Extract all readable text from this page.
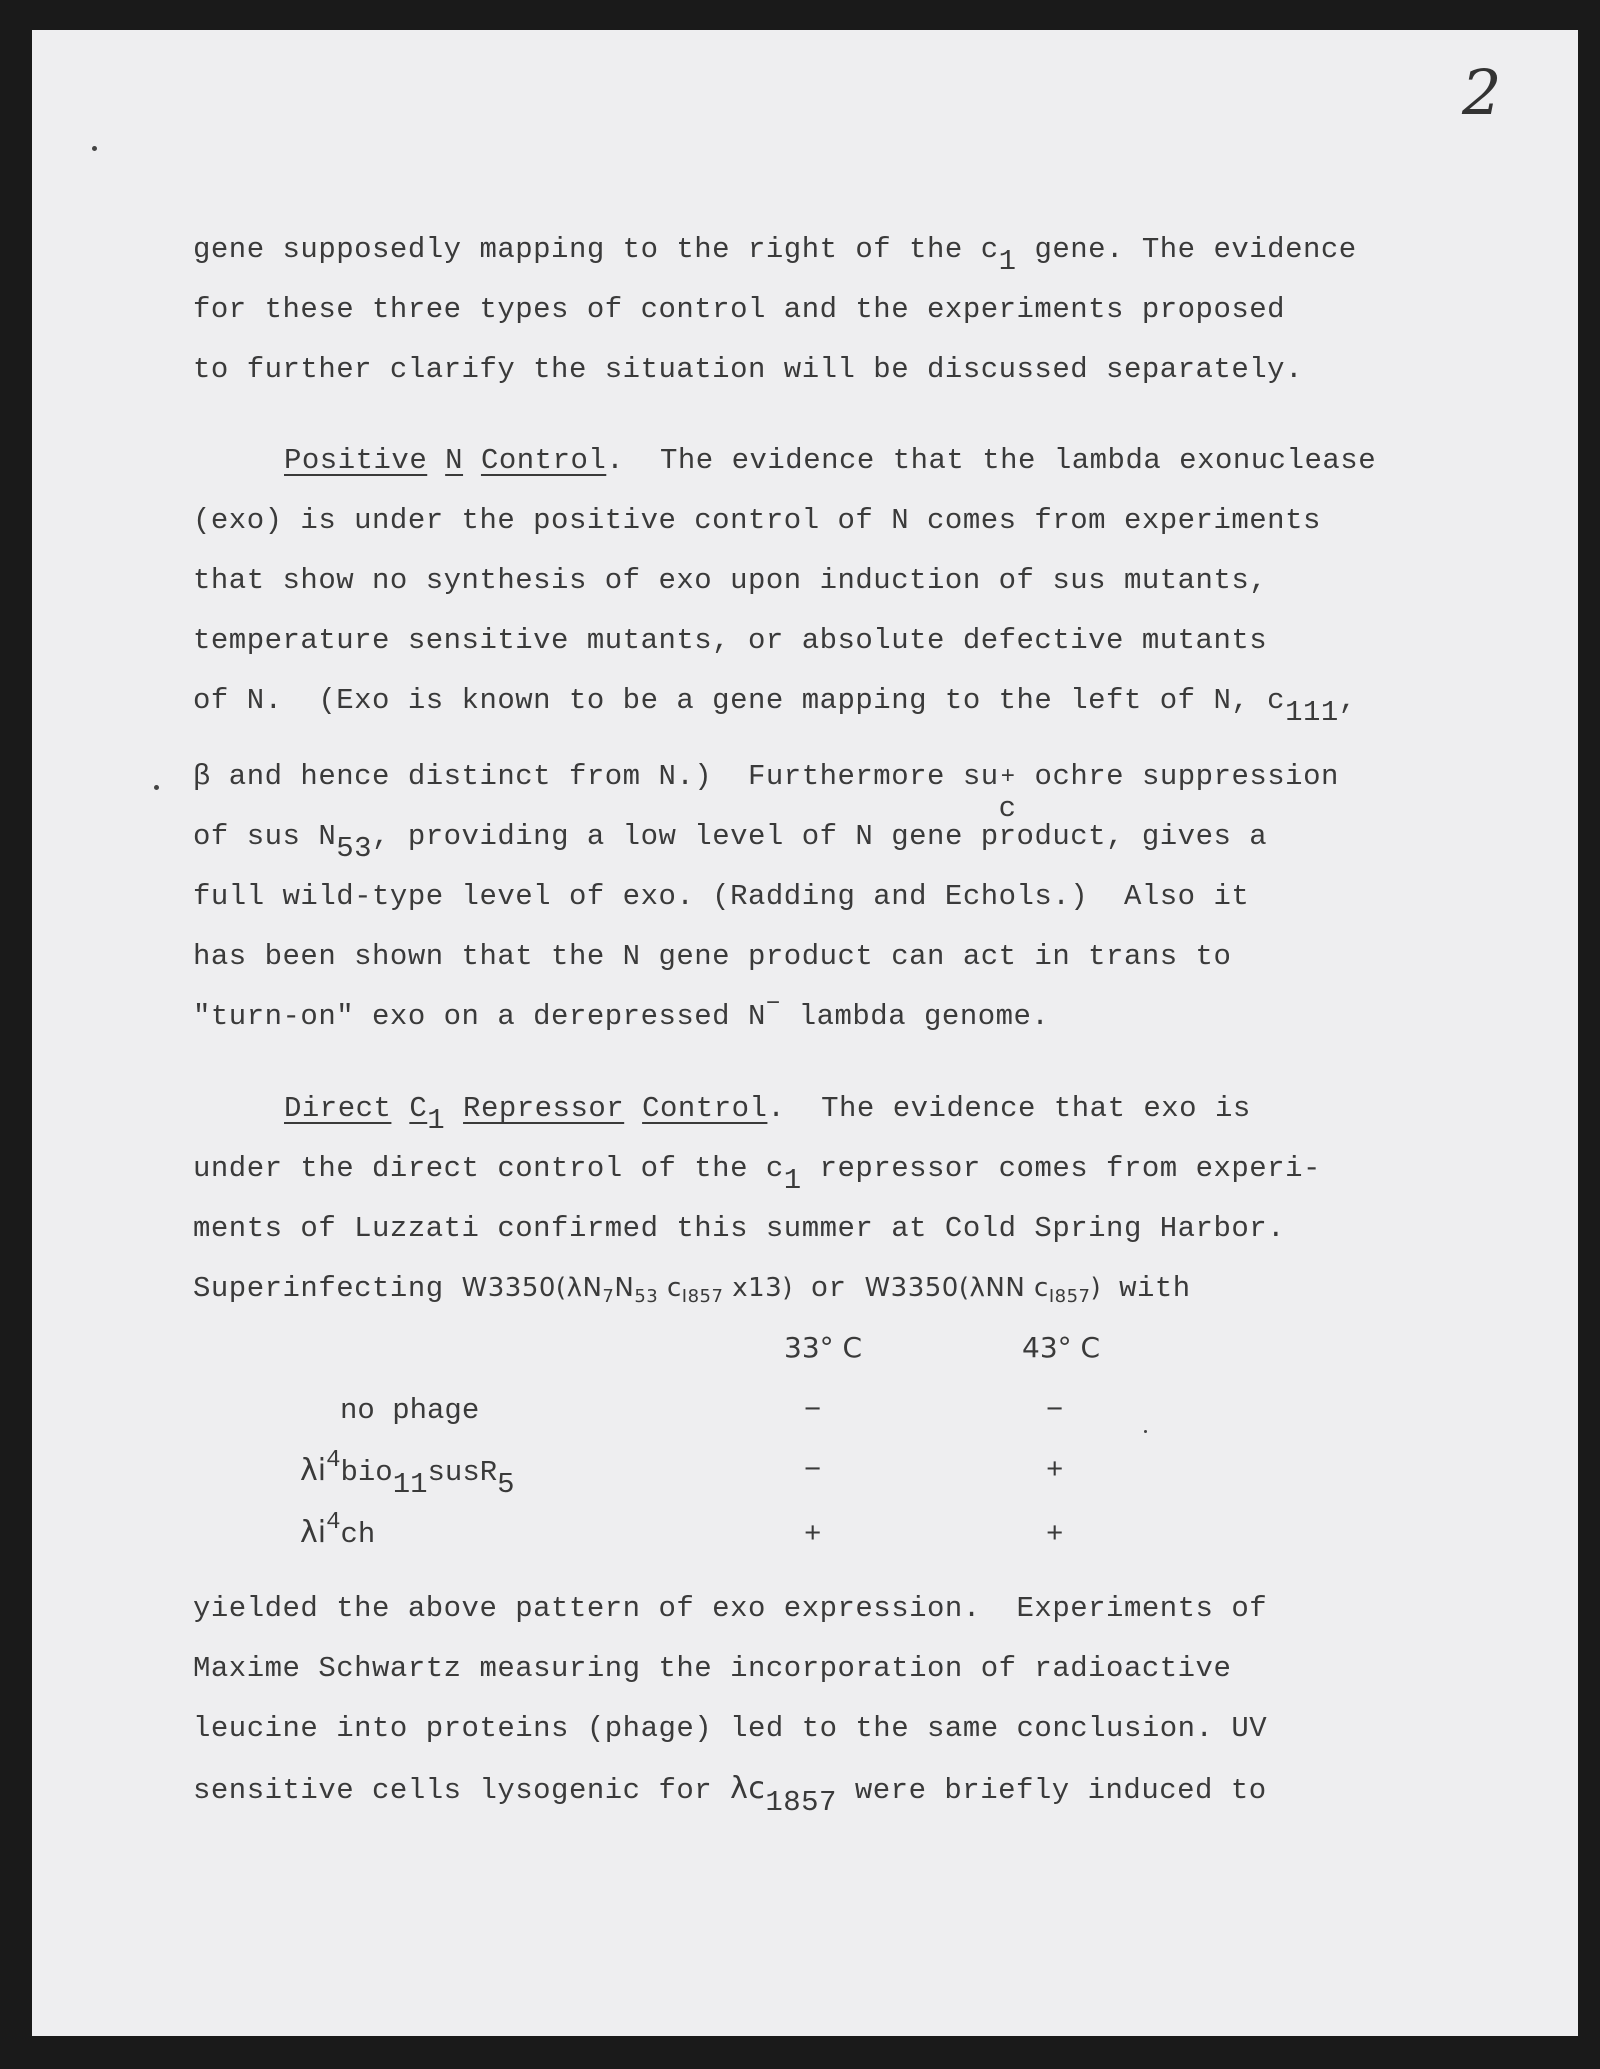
2
gene supposedly mapping to the right of the c1 gene. The evidence
for these three types of control and the experiments proposed
to further clarify the situation will be discussed separately.
Positive N Control.  The evidence that the lambda exonuclease
(exo) is under the positive control of N comes from experiments
that show no synthesis of exo upon induction of sus mutants,
temperature sensitive mutants, or absolute defective mutants
of N.  (Exo is known to be a gene mapping to the left of N, c111,
β and hence distinct from N.)  Furthermore su +
c
ochre suppression
of sus N53, providing a low level of N gene product, gives a
full wild-type level of exo. (Radding and Echols.)  Also it
has been shown that the N gene product can act in trans to
"turn-on" exo on a derepressed N− lambda genome.
Direct C1 Repressor Control.  The evidence that exo is
under the direct control of the c1 repressor comes from experi-
ments of Luzzati confirmed this summer at Cold Spring Harbor.
Superinfecting $W3350(\lambda N_7N_{53}$ $c_{I857}$ x13) or W3350(λNN $c_{I857}$) with
33° C	43° C
no phage	−	−
$\lambda i^4bio11susR5$	−	+
$\lambda i^4ch$	+	+
yielded the above pattern of exo expression.  Experiments of
Maxime Schwartz measuring the incorporation of radioactive
leucine into proteins (phage) led to the same conclusion. UV
sensitive cells lysogenic for λc1857 were briefly induced to
